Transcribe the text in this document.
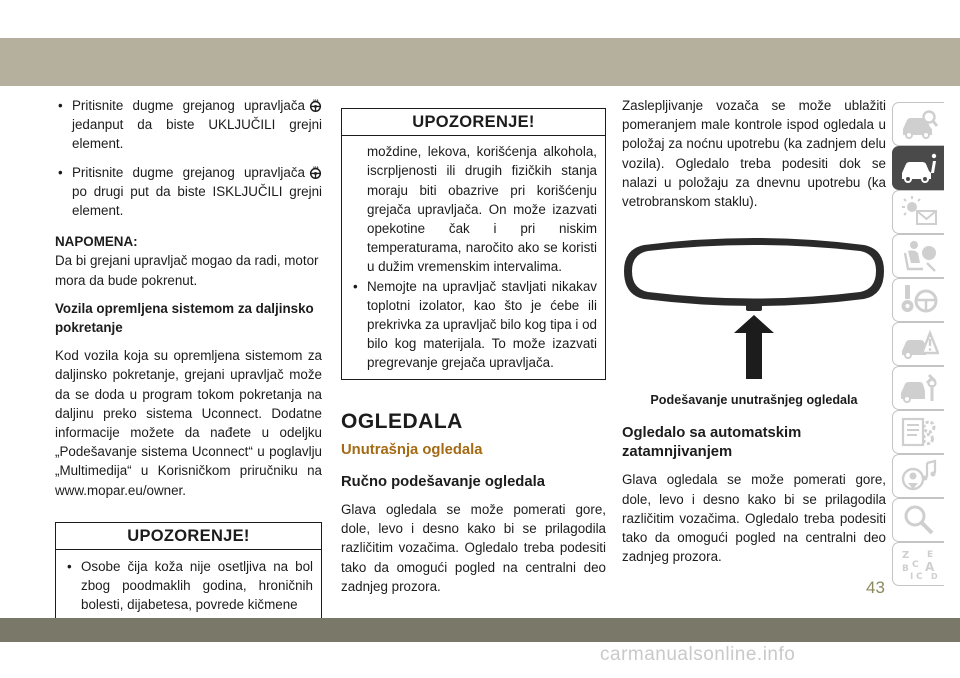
• Pritisnite dugme grejanog upravljača jedanput da biste UKLJUČILI grejni element.
• Pritisnite dugme grejanog upravljača po drugi put da biste ISKLJUČILI grejni element.
NAPOMENA:

Da bi grejani upravljač mogao da radi, motor mora da bude pokrenut.

Vozila opremljena sistemom za daljinsko pokretanje

Kod vozila koja su opremljena sistemom za daljinsko pokretanje, grejani upravljač može da se doda u program tokom pokretanja na daljinu preko sistema Uconnect. Dodatne informacije možete da nađete u odeljku „Podešavanje sistema Uconnect“ u poglavlju „Multimedija“ u Korisničkom priručniku na www.mopar.eu/owner.

UPOZORENJE!
• Osobe čija koža nije osetljiva na bol zbog poodmaklih godina, hroničnih bolesti, dijabetesa, povrede kičmene
UPOZORENJE!
moždine, lekova, korišćenja alkohola, iscrpljenosti ili drugih fizičkih stanja moraju biti obazrive pri korišćenju grejača upravljača. On može izazvati opekotine čak i pri niskim temperaturama, naročito ako se koristi u dužim vremenskim intervalima.
• Nemojte na upravljač stavljati nikakav toplotni izolator, kao što je ćebe ili prekrivka za upravljač bilo kog tipa i od bilo kog materijala. To može izazvati pregrevanje grejača upravljača.
OGLEDALA
Unutrašnja ogledala
Ručno podešavanje ogledala

Glava ogledala se može pomerati gore, dole, levo i desno kako bi se prilagodila različitim vozačima. Ogledalo treba podesiti tako da omogući pogled na centralni deo zadnjeg prozora.

Zaslepljivanje vozača se može ublažiti pomeranjem male kontrole ispod ogledala u položaj za noćnu upotrebu (ka zadnjem delu vozila). Ogledalo treba podesiti dok se nalazi u položaju za dnevnu upotrebu (ka vetrobranskom staklu).

Podešavanje unutrašnjeg ogledala
Ogledalo sa automatskim zatamnjivanjem

Glava ogledala se može pomerati gore, dole, levo i desno kako bi se prilagodila različitim vozačima. Ogledalo treba podesiti tako da omogući pogled na centralni deo zadnjeg prozora.	Z E
B C A
I C D
43
carmanualsonline.info
